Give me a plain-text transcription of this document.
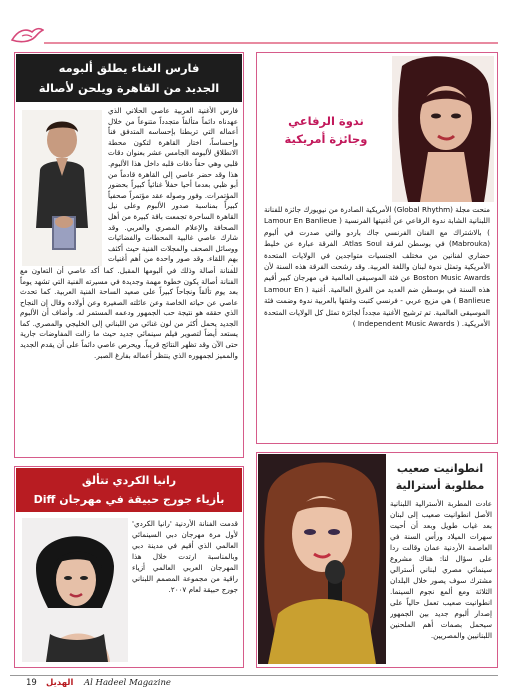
فارس الغناء يطلق ألبومه
الجديد من القاهرة ويلحن لأصالة

فارس الأغنية العربية عاصي الحلاني الذي عهدناه دائماً متألقاً متجدداً متنوعاً من خلال أعماله التي تربطنا بإحساسه المتدفق فناً وإحساساً، اختار القاهرة لتكون محطة الانطلاق لألبومه الجامس عشر بعنوان دقات قلبي وهي حقاً دقات قلبه داخل هذا الألبوم. هذا وقد حضر عاصي إلى القاهرة قادماً من أبو ظبي بعدما أحيا حفلاً غنائياً كبيراً بحضور المؤتمرات. وفور وصوله عقد مؤتمراً صحفياً كبيراً بمناسبة صدور الألبوم وعلى نيل القاهرة الساحرة تجمعت باقة كبيرة من أهل الصحافة والإعلام المصري والعربي. وقد شارك عاصي غالبية المحطات والفضائيات ووسائل الصحف والمجلات الفنية حيث أكثف بهم اللقاء. وقد صور واحدة من أهم أغنيات

للفنانة أصالة وذلك في ألبومها المقبل. كما أكد عاصي أن التعاون مع الفنانة أصالة يكون خطوة مهمة وجديدة في مسيرته الفنية التي تشهد يوماً بعد يوم تألقاً ونجاحاً كبيراً على صعيد الساحة الفنية العربية. كما تحدث عاصي عن حياته الخاصة وعن عائلته الصغيرة وعن أولاده وقال إن النجاح الذي حققه هو نتيجة حب الجمهور ودعمه المستمر له. وأضاف أن الألبوم الجديد يحمل أكثر من لون غنائي من اللبناني إلى الخليجي والمصري. كما يستعد أيضاً لتصوير فيلم سينمائي جديد حيث ما زالت المفاوضات جارية حتى الآن وقد تظهر النتائج قريباً. ويحرص عاصي دائماً على أن يقدم الجديد والمميز لجمهوره الذي ينتظر أعماله بفارغ الصبر.

ندوة الرفاعي
وجائزة أمريكية

منحت مجلة (Global Rhythm) الأمريكية الصادرة من نيويورك جائزة للفنانة اللبنانية الشابة ندوة الرفاعي عن أغنيتها الفرنسية ( Lamour En Banlieue ) بالاشتراك مع الفنان الفرنسي جاك باردو والتي صدرت في ألبوم (Mabrouka) في بوسطن لفرقة Atlas Soul. الفرقة عبارة عن خليط حضاري لفنانين من مختلف الجنسيات متواجدين في الولايات المتحدة الأمريكية وتمثل ندوة لبنان واللغة العربية. وقد رشحت الفرقة هذه السنة لأن Boston Music Awards عن فئة الموسيقى العالمية في مهرجان كبير أقيم هذه السنة في بوسطن ضم العديد من الفرق العالمية. أغنية ( Lamour En Banlieue ) هي مزيج عربي - فرنسي كتبت وغنتها بالعربية ندوة وضمت فئة الموسيقى العالمية. تم ترشيح الأغنية مجدداً لجائزة تمثل كل الولايات المتحدة الأمريكية. ( Independent Music Awards )

انطوانيت صعيب
مطلوبة أسترالية

عادت المطربة الأسترالية اللبنانية الأصل انطوانيت صعيب إلى لبنان بعد غياب طويل وبعد أن أحيت سهرات الميلاد ورأس السنة في العاصمة الأردنية عمان وقالت ردا على سؤال لنا: هناك مشروع سينمائي مصري لبناني أسترالي مشترك سوف يصور خلال البلدان الثلاثة ومع ألمع نجوم السينما. انطوانيت صعيب تعمل حالياً على إصدار ألبوم جديد بين الجمهور سيحمل بصمات أهم الملحنين اللبنانيين والمصريين.

رانيا الكردي تتألق
بأزياء جورج حبيقة في مهرجان Diff

قدمت الفنانة الأردنية 'رانيا الكردي' لأول مرة مهرجان دبي السينمائي العالمي الذي أقيم في مدينة دبي وبالمناسبة ارتدت خلال هذا المهرجان العربي العالمي أزياء راقية من مجموعة المصمم اللبناني جورج حبيقة لعام ٢٠٠٧.

19 الهديل Al Hadeel Magazine
